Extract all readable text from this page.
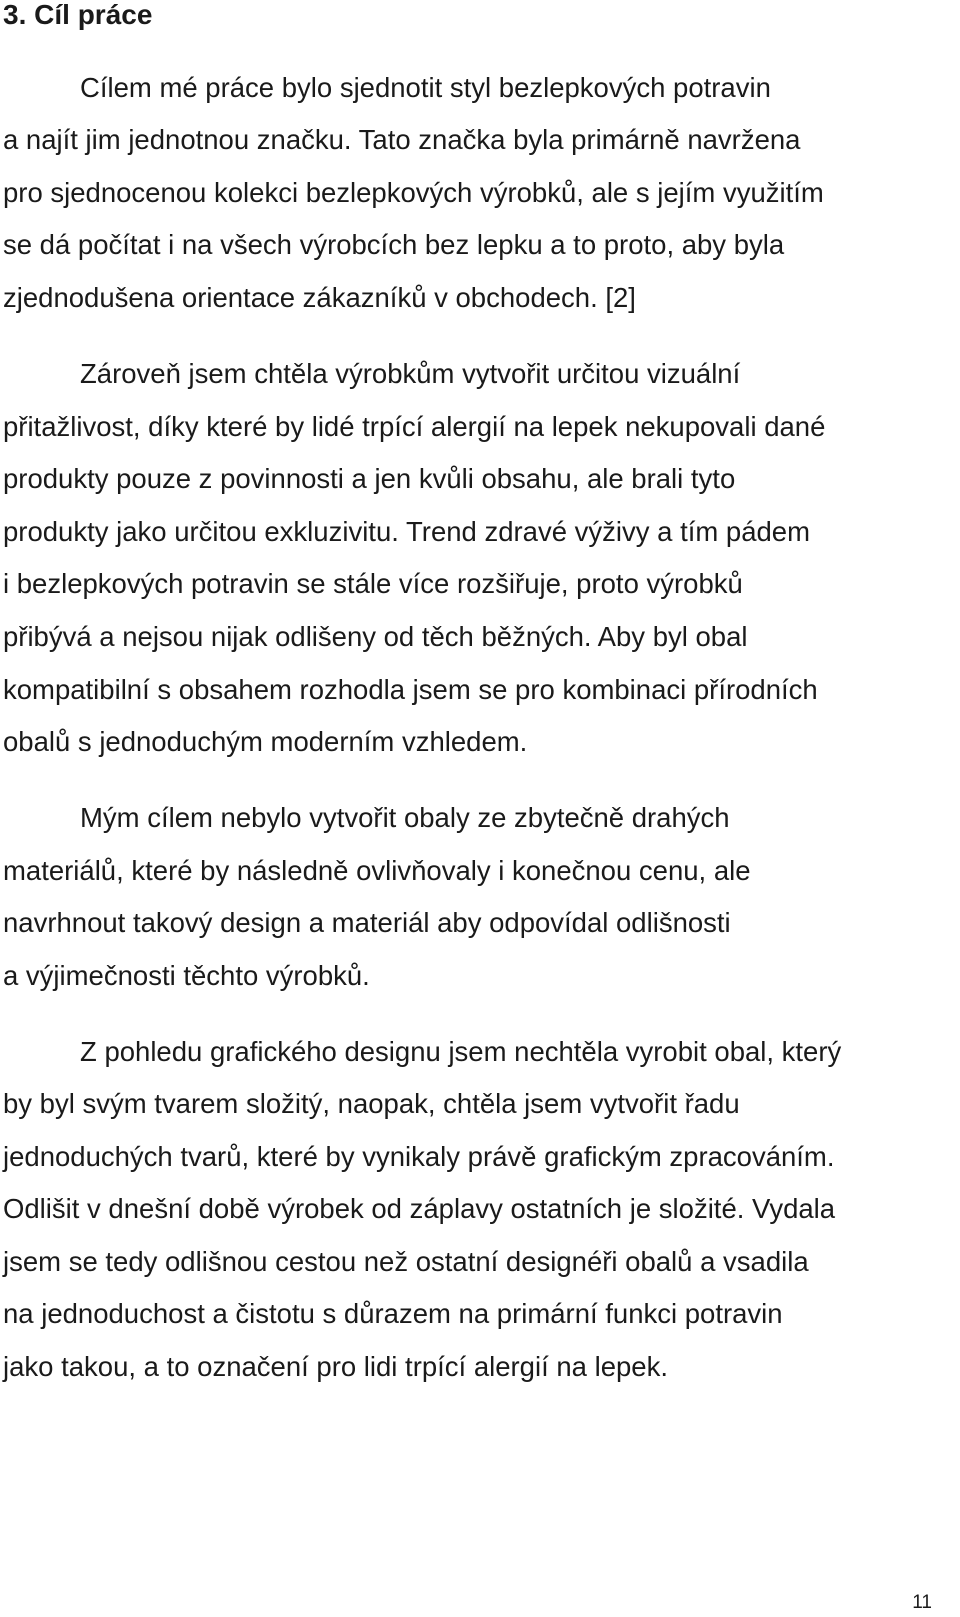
3. Cíl práce

Cílem mé práce bylo sjednotit styl bezlepkových potravin

a najít jim jednotnou značku. Tato značka byla primárně navržena

pro sjednocenou kolekci bezlepkových výrobků, ale s jejím využitím

se dá počítat i na všech výrobcích bez lepku a to proto, aby byla

zjednodušena orientace zákazníků v obchodech. [2]

Zároveň jsem chtěla výrobkům vytvořit určitou vizuální

přitažlivost, díky které by lidé trpící alergií na lepek nekupovali dané

produkty pouze z povinnosti a jen kvůli obsahu, ale brali tyto

produkty jako určitou exkluzivitu. Trend zdravé výživy a tím pádem

i bezlepkových potravin se stále více rozšiřuje, proto výrobků

přibývá a nejsou nijak odlišeny od těch běžných. Aby byl obal

kompatibilní s obsahem rozhodla jsem se pro kombinaci přírodních

obalů s jednoduchým moderním vzhledem.

Mým cílem nebylo vytvořit obaly ze zbytečně drahých

materiálů, které by následně ovlivňovaly i konečnou cenu, ale

navrhnout takový design a materiál aby odpovídal odlišnosti

a výjimečnosti těchto výrobků.

Z pohledu grafického designu jsem nechtěla vyrobit obal, který

by byl svým tvarem složitý, naopak, chtěla jsem vytvořit řadu

jednoduchých tvarů, které by vynikaly právě grafickým zpracováním.

Odlišit v dnešní době výrobek od záplavy ostatních je složité. Vydala

jsem se tedy odlišnou cestou než ostatní designéři obalů a vsadila

na jednoduchost a čistotu s důrazem na primární funkci potravin

jako takou, a to označení pro lidi trpící alergií na lepek.

11
